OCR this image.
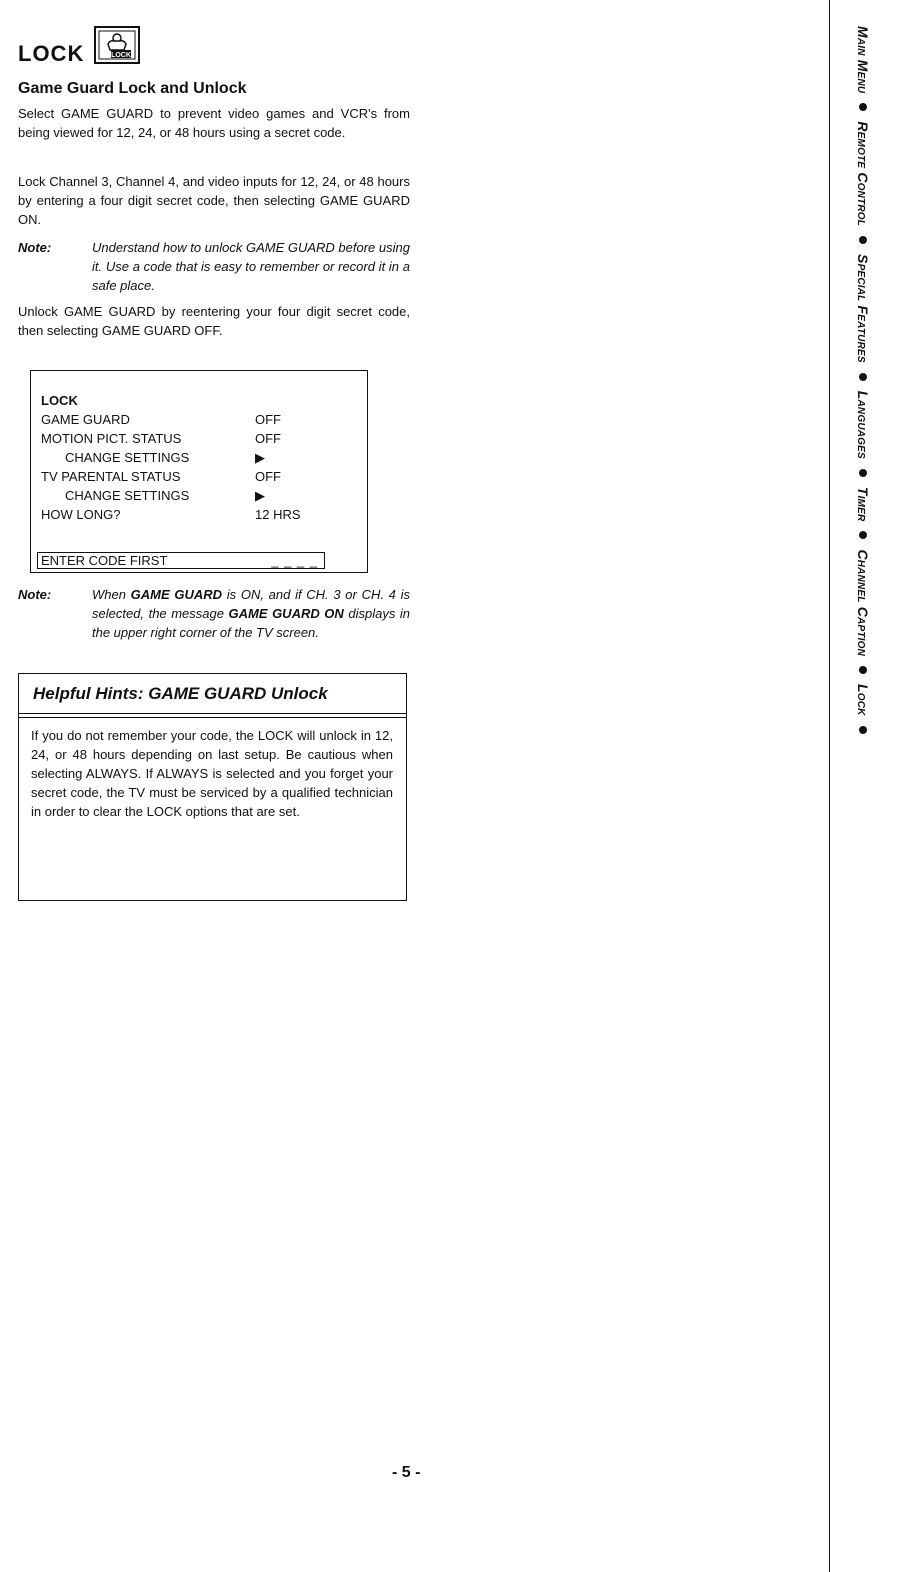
LOCK	LOCK
Game Guard Lock and Unlock

Select GAME GUARD to prevent video games and VCR's from being viewed for 12, 24, or 48 hours using a secret code.

Lock Channel 3, Channel 4, and video inputs for 12, 24, or 48 hours by entering a four digit secret code, then selecting GAME GUARD ON.

Note:	Understand how to unlock GAME GUARD before using it. Use a code that is easy to remember or record it in a safe place.

Unlock GAME GUARD by reentering your four digit secret code, then selecting GAME GUARD OFF.

LOCK
GAME GUARD	OFF
MOTION PICT. STATUS	OFF
CHANGE SETTINGS	▶
TV PARENTAL STATUS	OFF
CHANGE SETTINGS	▶
HOW LONG?	12 HRS
ENTER CODE FIRST	_ _ _ _
Note:	When GAME GUARD is ON, and if CH. 3 or CH. 4 is selected, the message GAME GUARD ON displays in the upper right corner of the TV screen.
Helpful Hints: GAME GUARD Unlock
If you do not remember your code, the LOCK will unlock in 12, 24, or 48 hours depending on last setup. Be cautious when selecting ALWAYS. If ALWAYS is selected and you forget your secret code, the TV must be serviced by a qualified technician in order to clear the LOCK options that are set.
- 5 -
Main Menu
Remote Control
Special Features
Languages
Timer
Channel Caption
Lock
